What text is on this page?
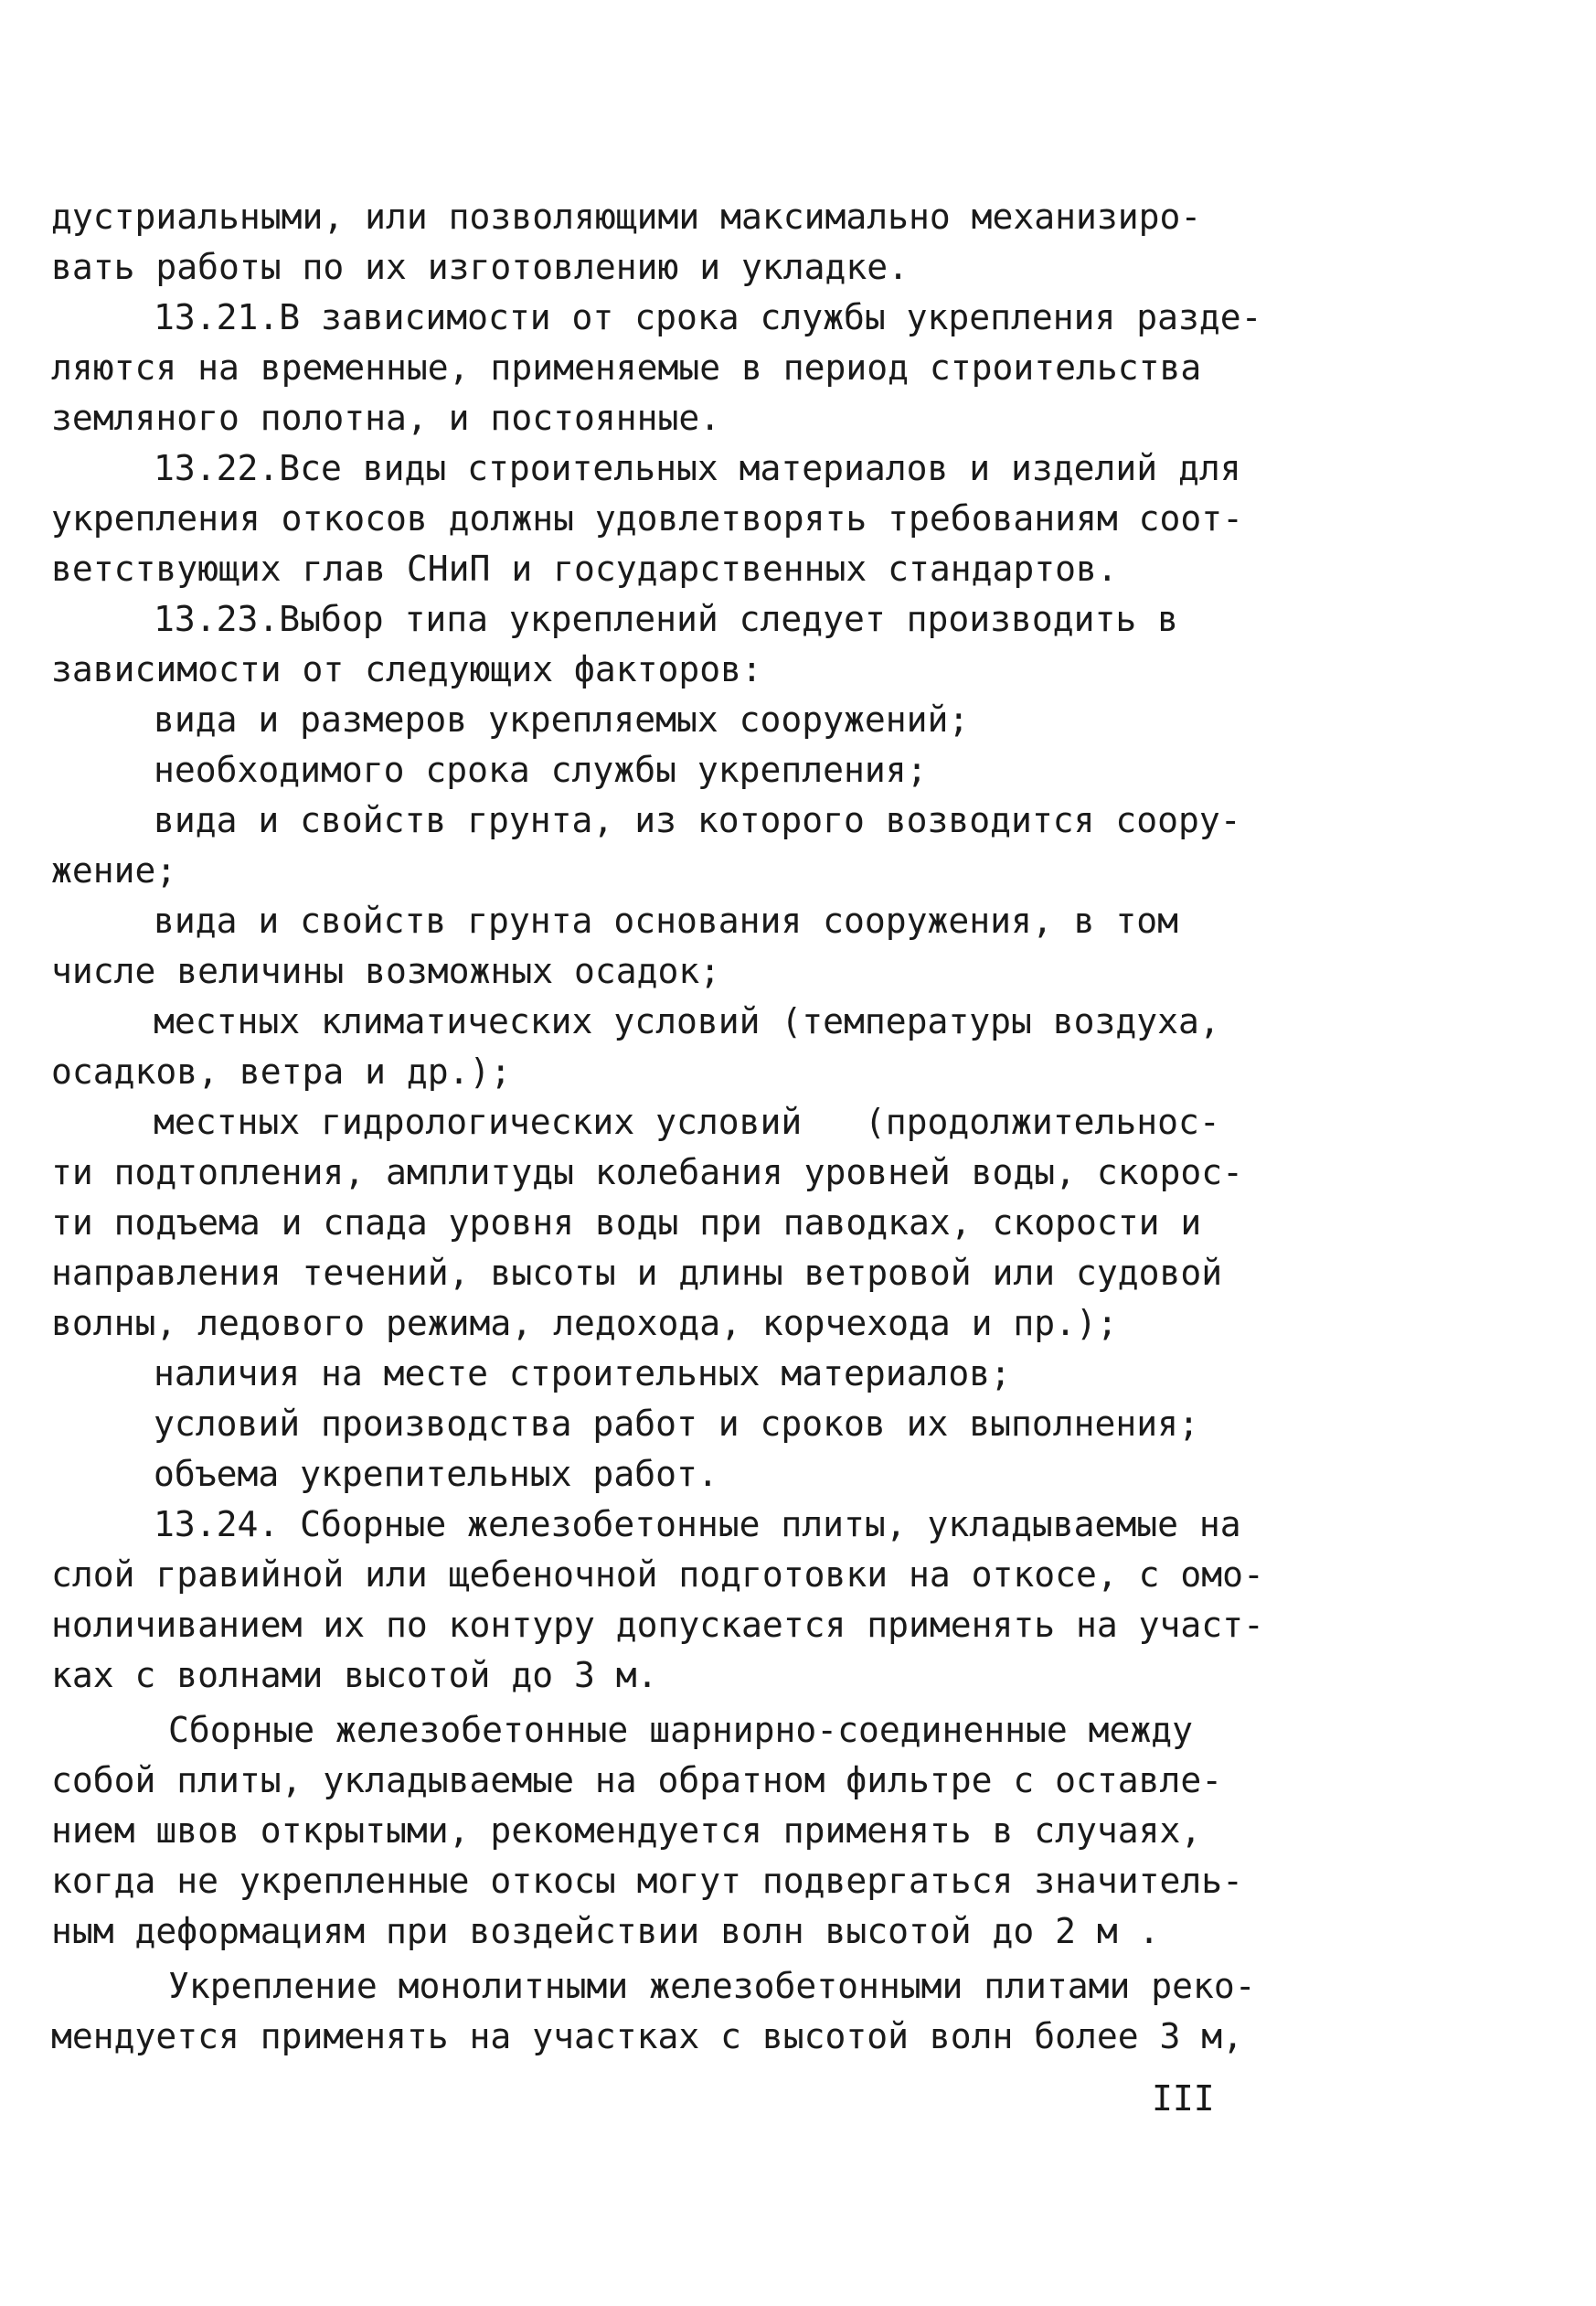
дустриальными, или позволяющими максимально механизиро-
вать работы по их изготовлению и укладке.
13.21.В зависимости от срока службы укрепления разде-
ляются на временные, применяемые в период строительства
земляного полотна, и постоянные.
13.22.Все виды строительных материалов и изделий для
укрепления откосов должны удовлетворять требованиям соот-
ветствующих глав СНиП и государственных стандартов.
13.23.Выбор типа укреплений следует производить в
зависимости от следующих факторов:
вида и размеров укрепляемых сооружений;
необходимого срока службы укрепления;
вида и свойств грунта, из которого возводится соору-
жение;
вида и свойств грунта основания сооружения, в том
числе величины возможных осадок;
местных климатических условий (температуры воздуха,
осадков, ветра и др.);
местных гидрологических условий   (продолжительнос-
ти подтопления, амплитуды колебания уровней воды, скорос-
ти подъема и спада уровня воды при паводках, скорости и
направления течений, высоты и длины ветровой или судовой
волны, ледового режима, ледохода, корчехода и пр.);
наличия на месте строительных материалов;
условий производства работ и сроков их выполнения;
объема укрепительных работ.
13.24. Сборные железобетонные плиты, укладываемые на
слой гравийной или щебеночной подготовки на откосе, с омо-
ноличиванием их по контуру допускается применять на участ-
ках с волнами высотой до 3 м.
Сборные железобетонные шарнирно-соединенные между
собой плиты, укладываемые на обратном фильтре с оставле-
нием швов открытыми, рекомендуется применять в случаях,
когда не укрепленные откосы могут подвергаться значитель-
ным деформациям при воздействии волн высотой до 2 м .
Укрепление монолитными железобетонными плитами реко-
мендуется применять на участках с высотой волн более 3 м,
III
